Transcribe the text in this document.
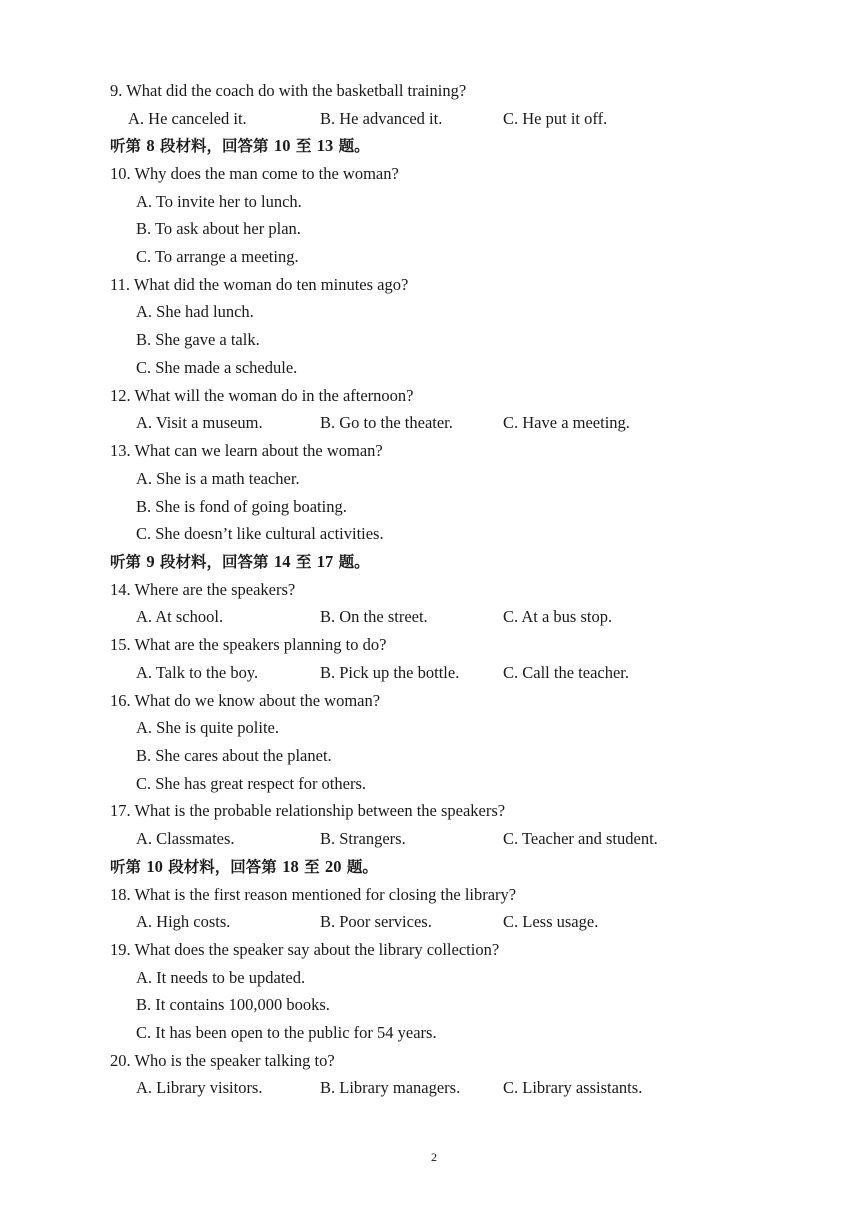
9. What did the coach do with the basketball training?
A. He canceled it.	B. He advanced it.	C. He put it off.
听第 8 段材料，回答第 10 至 13 题。
10. Why does the man come to the woman?
A. To invite her to lunch.
B. To ask about her plan.
C. To arrange a meeting.
11. What did the woman do ten minutes ago?
A. She had lunch.
B. She gave a talk.
C. She made a schedule.
12. What will the woman do in the afternoon?
A. Visit a museum.	B. Go to the theater.	C. Have a meeting.
13. What can we learn about the woman?
A. She is a math teacher.
B. She is fond of going boating.
C. She doesn’t like cultural activities.
听第 9 段材料，回答第 14 至 17 题。
14. Where are the speakers?
A. At school.	B. On the street.	C. At a bus stop.
15. What are the speakers planning to do?
A. Talk to the boy.	B. Pick up the bottle.	C. Call the teacher.
16. What do we know about the woman?
A. She is quite polite.
B. She cares about the planet.
C. She has great respect for others.
17. What is the probable relationship between the speakers?
A. Classmates.	B. Strangers.	C. Teacher and student.
听第 10 段材料，回答第 18 至 20 题。
18. What is the first reason mentioned for closing the library?
A. High costs.	B. Poor services.	C. Less usage.
19. What does the speaker say about the library collection?
A. It needs to be updated.
B. It contains 100,000 books.
C. It has been open to the public for 54 years.
20. Who is the speaker talking to?
A. Library visitors.	B. Library managers.	C. Library assistants.
2
